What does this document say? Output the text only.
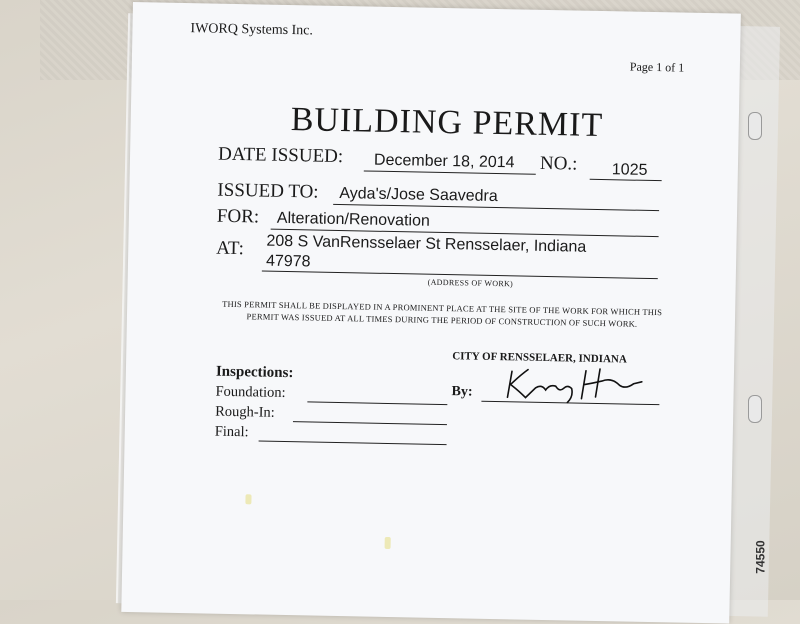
IWORQ Systems Inc.
Page 1 of 1
BUILDING PERMIT
DATE ISSUED: December 18, 2014 NO.: 1025
ISSUED TO: Ayda's/Jose Saavedra
FOR: Alteration/Renovation
AT: 208 S VanRensselaer St Rensselaer, Indiana
47978
(ADDRESS OF WORK)
THIS PERMIT SHALL BE DISPLAYED IN A PROMINENT PLACE AT THE SITE OF THE WORK FOR WHICH THIS PERMIT WAS ISSUED AT ALL TIMES DURING THE PERIOD OF CONSTRUCTION OF SUCH WORK.
CITY OF RENSSELAER, INDIANA
Inspections:
Foundation:
Rough-In:
Final:
By:
74550
